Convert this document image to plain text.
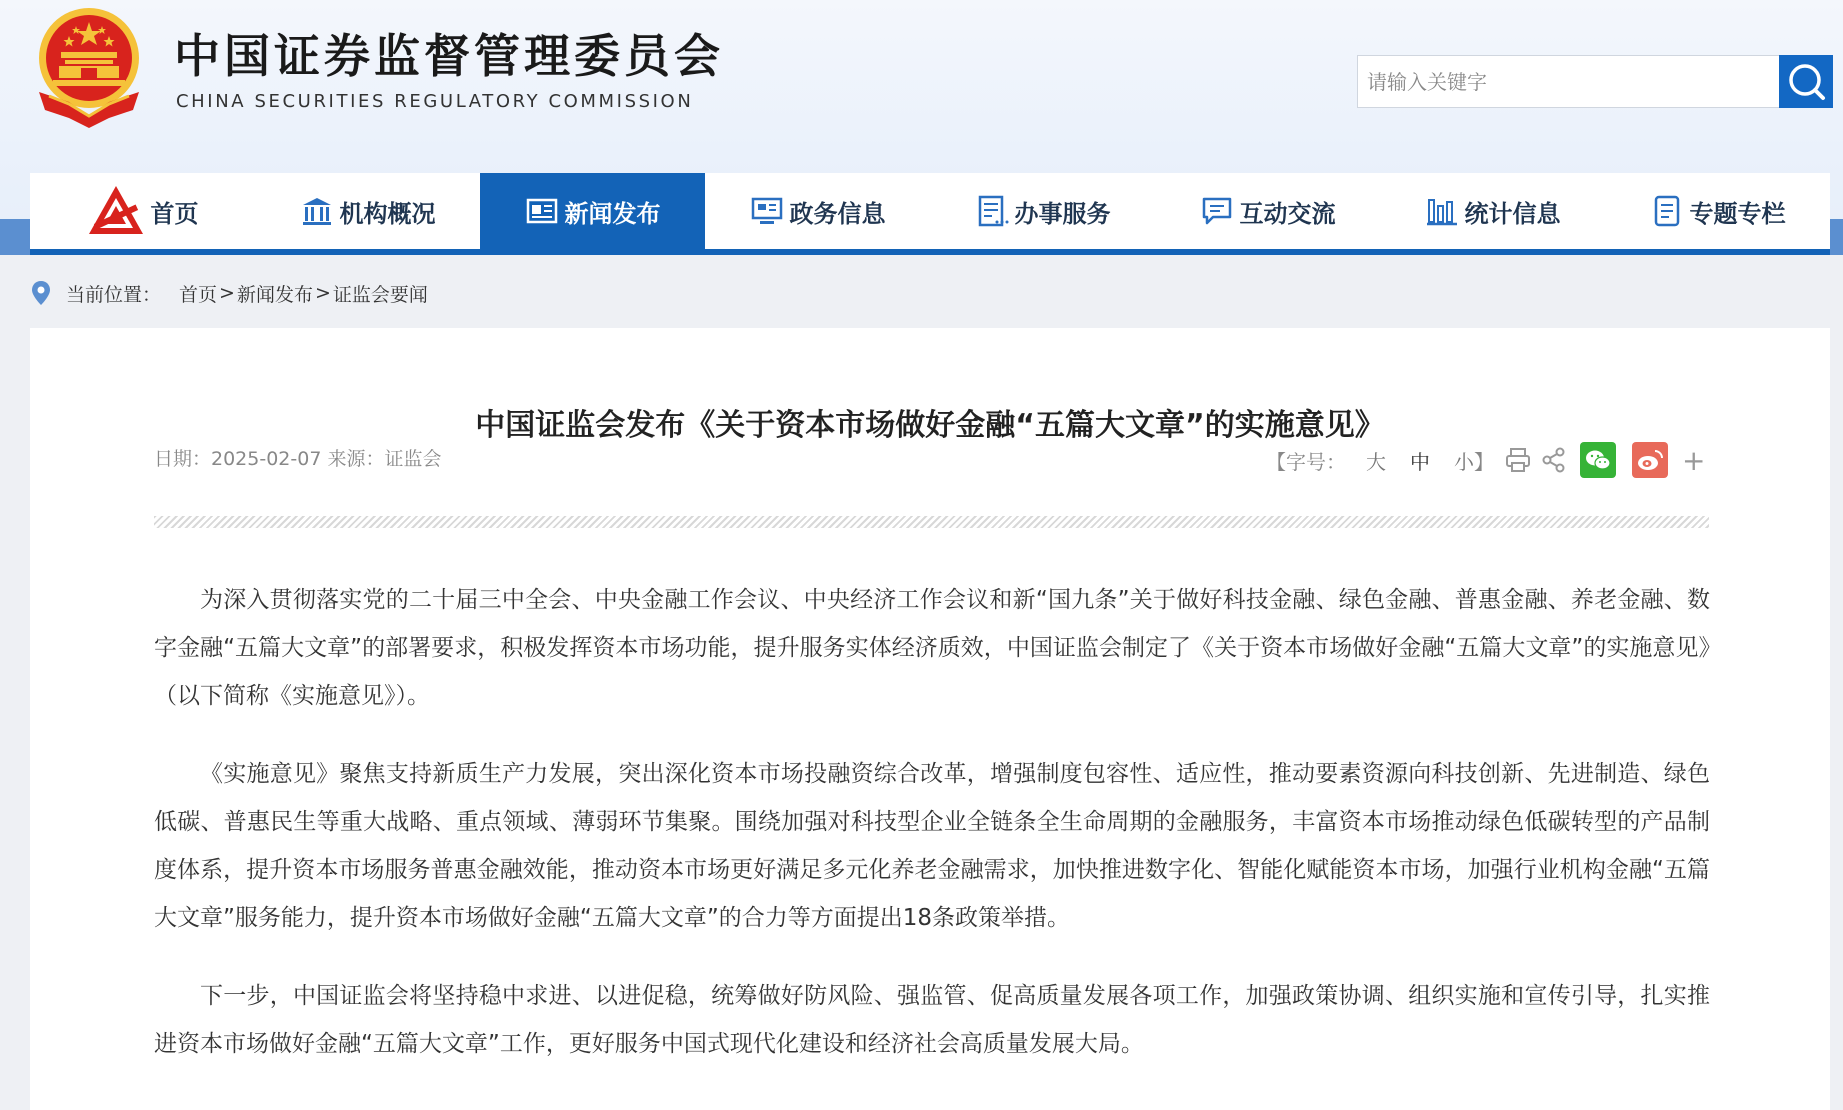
中国证券监督管理委员会
CHINA SECURITIES REGULATORY COMMISSION
请输入关键字
首页	机构概况	新闻发布	政务信息	办事服务	互动交流	统计信息	专题专栏
当前位置： 首页 > 新闻发布 > 证监会要闻
中国证监会发布《关于资本市场做好金融“五篇大文章”的实施意见》
日期：2025-02-07 来源：证监会	【字号： 大 中 小 】	+

为深入贯彻落实党的二十届三中全会、中央金融工作会议、中央经济工作会议和新“国九条”关于做好科技金融、绿色金融、普惠金融、养老金融、数字金融“五篇大文章”的部署要求，积极发挥资本市场功能，提升服务实体经济质效，中国证监会制定了《关于资本市场做好金融“五篇大文章”的实施意见》（以下简称《实施意见》）。

《实施意见》聚焦支持新质生产力发展，突出深化资本市场投融资综合改革，增强制度包容性、适应性，推动要素资源向科技创新、先进制造、绿色低碳、普惠民生等重大战略、重点领域、薄弱环节集聚。围绕加强对科技型企业全链条全生命周期的金融服务，丰富资本市场推动绿色低碳转型的产品制度体系，提升资本市场服务普惠金融效能，推动资本市场更好满足多元化养老金融需求，加快推进数字化、智能化赋能资本市场，加强行业机构金融“五篇大文章”服务能力，提升资本市场做好金融“五篇大文章”的合力等方面提出18条政策举措。

下一步，中国证监会将坚持稳中求进、以进促稳，统筹做好防风险、强监管、促高质量发展各项工作，加强政策协调、组织实施和宣传引导，扎实推进资本市场做好金融“五篇大文章”工作，更好服务中国式现代化建设和经济社会高质量发展大局。
